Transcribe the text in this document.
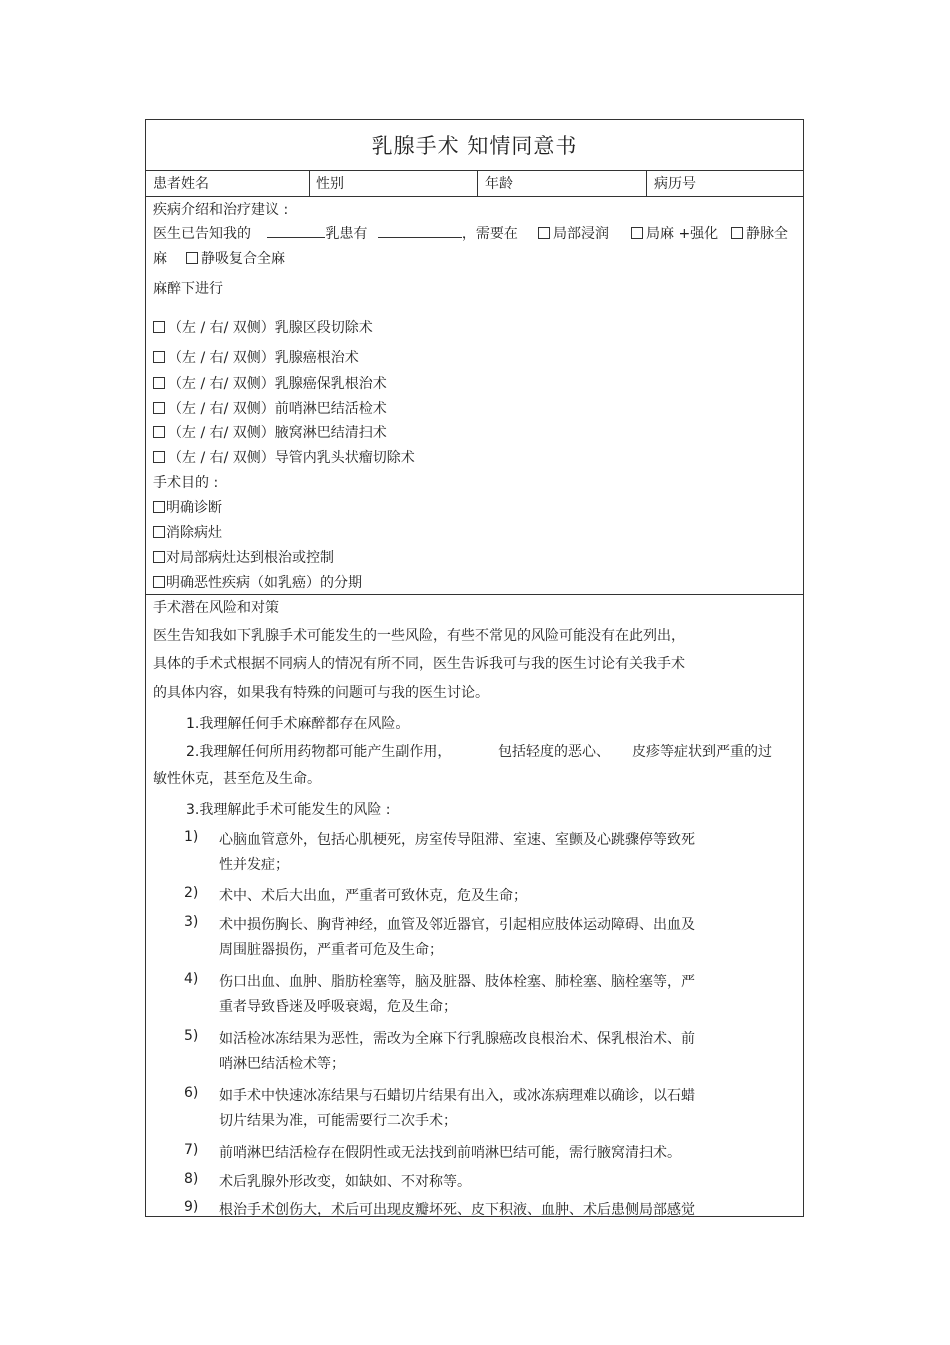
乳腺手术 知情同意书
患者姓名	性别	年龄	病历号
疾病介绍和治疗建议 :
医生已告知我的	乳患有	，需要在	局部浸润	局麻 +强化	静脉全
麻	静吸复合全麻
麻醉下进行
（左 / 右/ 双侧）乳腺区段切除术
（左 / 右/ 双侧）乳腺癌根治术
（左 / 右/ 双侧）乳腺癌保乳根治术
（左 / 右/ 双侧）前哨淋巴结活检术
（左 / 右/ 双侧）腋窝淋巴结清扫术
（左 / 右/ 双侧）导管内乳头状瘤切除术
手术目的 :
明确诊断
消除病灶
对局部病灶达到根治或控制
明确恶性疾病（如乳癌）的分期
手术潜在风险和对策
医生告知我如下乳腺手术可能发生的一些风险，有些不常见的风险可能没有在此列出，
具体的手术式根据不同病人的情况有所不同，医生告诉我可与我的医生讨论有关我手术
的具体内容，如果我有特殊的问题可与我的医生讨论。
1.我理解任何手术麻醉都存在风险。
2.我理解任何所用药物都可能产生副作用，	包括轻度的恶心、 皮疹等症状到严重的过
敏性休克，甚至危及生命。
3.我理解此手术可能发生的风险 :
1) 心脑血管意外，包括心肌梗死，房室传导阻滞、室速、室颤及心跳骤停等致死
性并发症；
2) 术中、术后大出血，严重者可致休克，危及生命；
3) 术中损伤胸长、胸背神经，血管及邻近器官，引起相应肢体运动障碍、出血及
周围脏器损伤，严重者可危及生命；
4) 伤口出血、血肿、脂肪栓塞等，脑及脏器、肢体栓塞、肺栓塞、脑栓塞等，严
重者导致昏迷及呼吸衰竭，危及生命；
5) 如活检冰冻结果为恶性，需改为全麻下行乳腺癌改良根治术、保乳根治术、前
哨淋巴结活检术等；
6) 如手术中快速冰冻结果与石蜡切片结果有出入，或冰冻病理难以确诊，以石蜡
切片结果为准，可能需要行二次手术；
7) 前哨淋巴结活检存在假阴性或无法找到前哨淋巴结可能，需行腋窝清扫术。
8) 术后乳腺外形改变，如缺如、不对称等。
9) 根治手术创伤大，术后可出现皮瓣坏死、皮下积液、血肿、术后患侧局部感觉
